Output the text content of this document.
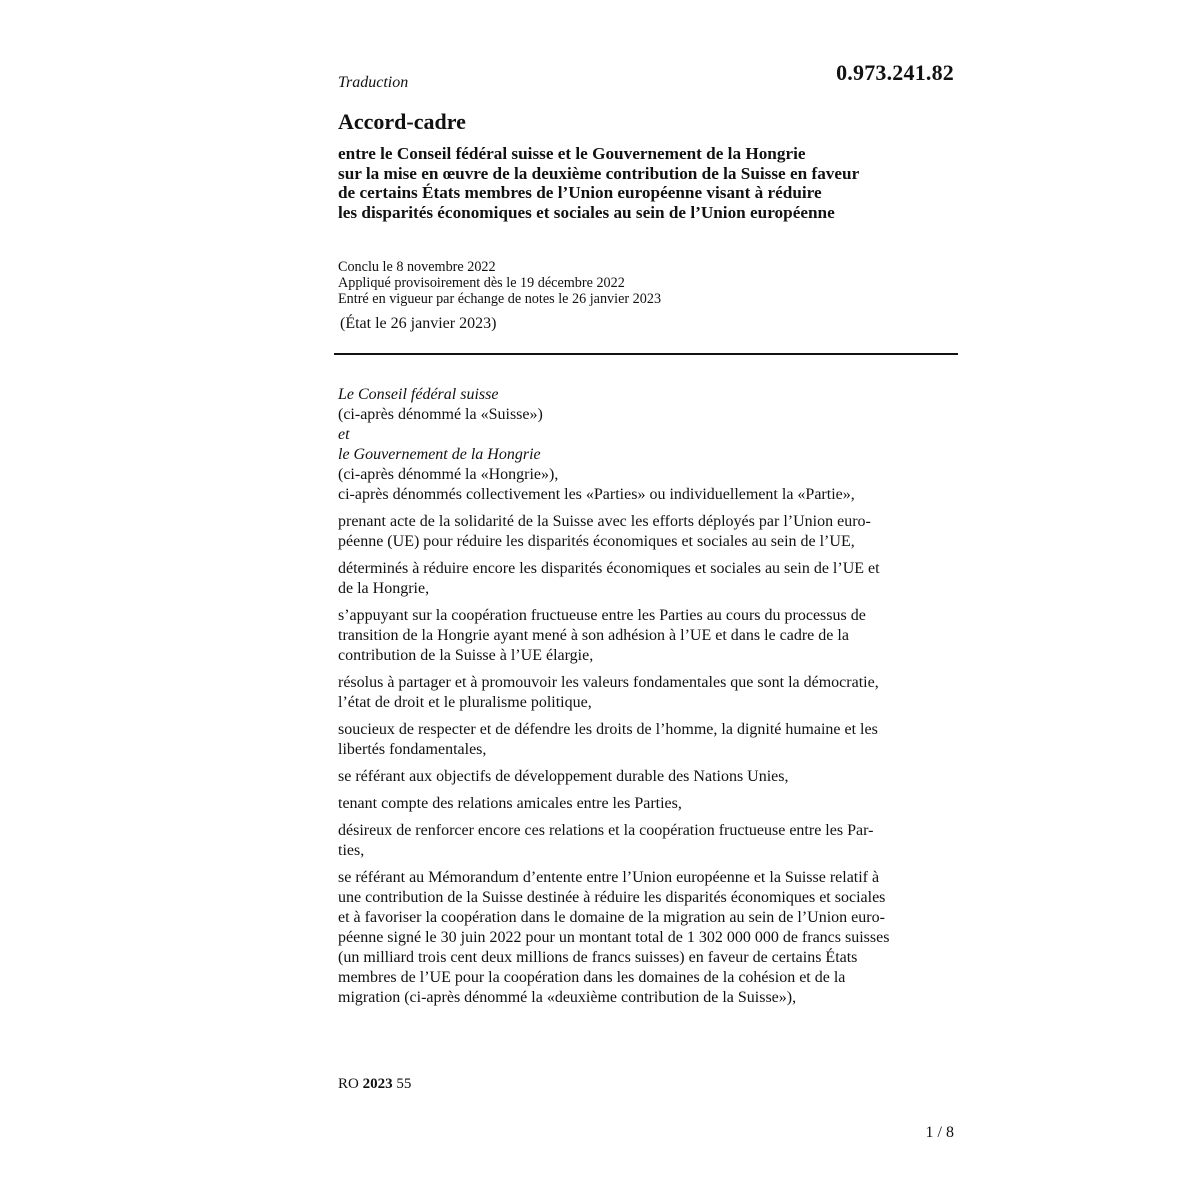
0.973.241.82
Traduction
Accord-cadre
entre le Conseil fédéral suisse et le Gouvernement de la Hongrie
sur la mise en œuvre de la deuxième contribution de la Suisse en faveur
de certains États membres de l’Union européenne visant à réduire
les disparités économiques et sociales au sein de l’Union européenne
Conclu le 8 novembre 2022
Appliqué provisoirement dès le 19 décembre 2022
Entré en vigueur par échange de notes le 26 janvier 2023
(État le 26 janvier 2023)
Le Conseil fédéral suisse
(ci-après dénommé la «Suisse»)
et
le Gouvernement de la Hongrie
(ci-après dénommé la «Hongrie»),
ci-après dénommés collectivement les «Parties» ou individuellement la «Partie»,
prenant acte de la solidarité de la Suisse avec les efforts déployés par l’Union euro-
péenne (UE) pour réduire les disparités économiques et sociales au sein de l’UE,
déterminés à réduire encore les disparités économiques et sociales au sein de l’UE et
de la Hongrie,
s’appuyant sur la coopération fructueuse entre les Parties au cours du processus de
transition de la Hongrie ayant mené à son adhésion à l’UE et dans le cadre de la
contribution de la Suisse à l’UE élargie,
résolus à partager et à promouvoir les valeurs fondamentales que sont la démocratie,
l’état de droit et le pluralisme politique,
soucieux de respecter et de défendre les droits de l’homme, la dignité humaine et les
libertés fondamentales,
se référant aux objectifs de développement durable des Nations Unies,
tenant compte des relations amicales entre les Parties,
désireux de renforcer encore ces relations et la coopération fructueuse entre les Par-
ties,
se référant au Mémorandum d’entente entre l’Union européenne et la Suisse relatif à
une contribution de la Suisse destinée à réduire les disparités économiques et sociales
et à favoriser la coopération dans le domaine de la migration au sein de l’Union euro-
péenne signé le 30 juin 2022 pour un montant total de 1 302 000 000 de francs suisses
(un milliard trois cent deux millions de francs suisses) en faveur de certains États
membres de l’UE pour la coopération dans les domaines de la cohésion et de la
migration (ci-après dénommé la «deuxième contribution de la Suisse»),
RO 2023 55
1 / 8
